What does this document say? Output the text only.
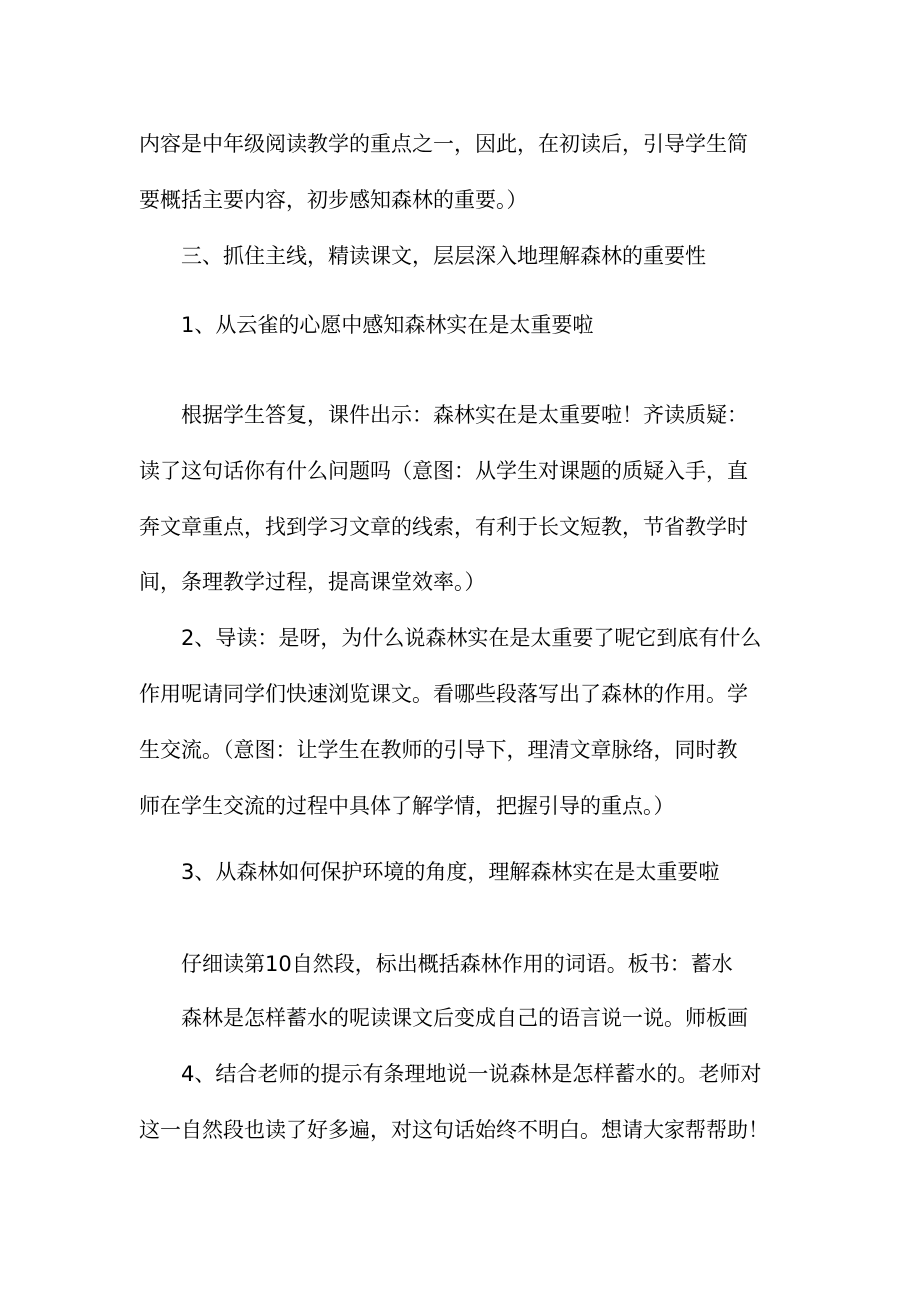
内容是中年级阅读教学的重点之一，因此，在初读后，引导学生简
要概括主要内容，初步感知森林的重要。）
三、抓住主线，精读课文，层层深入地理解森林的重要性
1、从云雀的心愿中感知森林实在是太重要啦
根据学生答复，课件出示：森林实在是太重要啦！齐读质疑：
读了这句话你有什么问题吗（意图：从学生对课题的质疑入手，直
奔文章重点，找到学习文章的线索，有利于长文短教，节省教学时
间，条理教学过程，提高课堂效率。）
2、导读：是呀，为什么说森林实在是太重要了呢它到底有什么
作用呢请同学们快速浏览课文。看哪些段落写出了森林的作用。学
生交流。（意图：让学生在教师的引导下，理清文章脉络，同时教
师在学生交流的过程中具体了解学情，把握引导的重点。）
3、从森林如何保护环境的角度，理解森林实在是太重要啦
仔细读第10自然段，标出概括森林作用的词语。板书：蓄水
森林是怎样蓄水的呢读课文后变成自己的语言说一说。师板画
4、结合老师的提示有条理地说一说森林是怎样蓄水的。老师对
这一自然段也读了好多遍，对这句话始终不明白。想请大家帮帮助！
